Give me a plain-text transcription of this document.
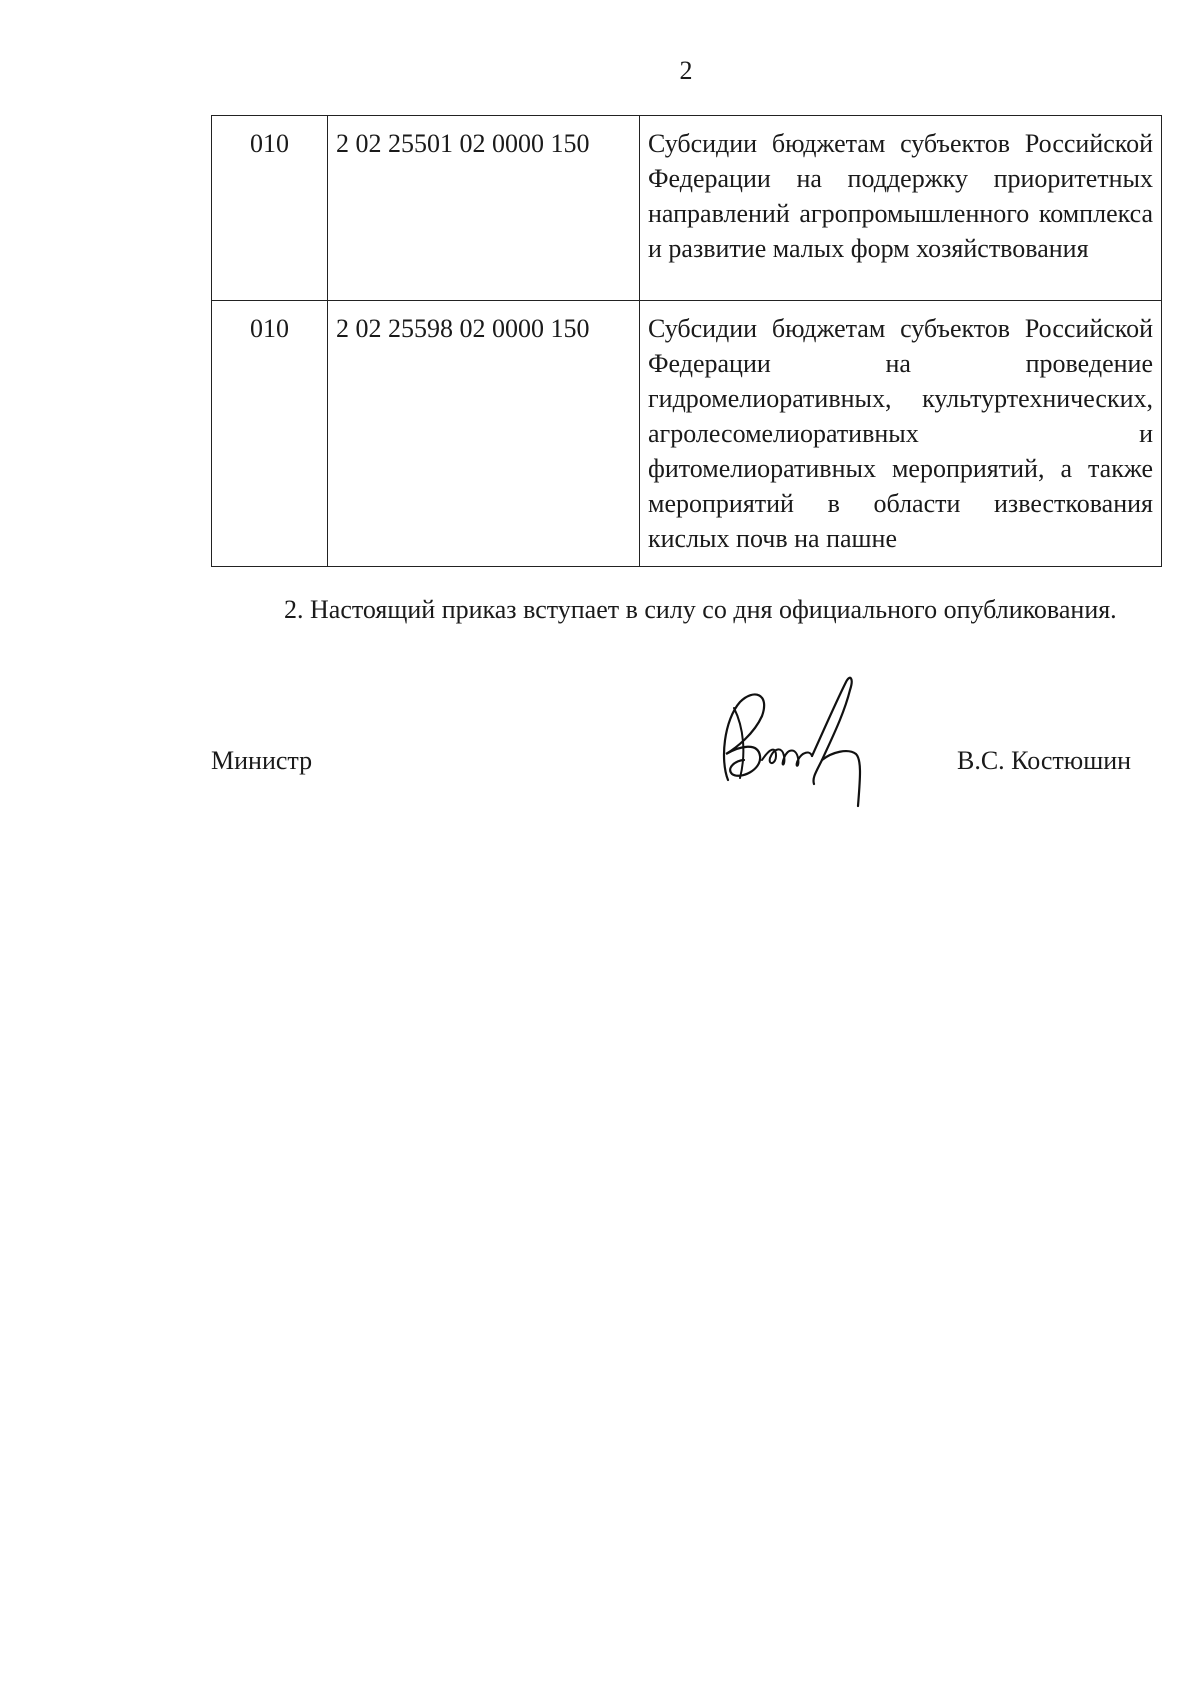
2
010	2 02 25501 02 0000 150	Субсидии бюджетам субъектов Российской Федерации на поддержку приоритетных направлений агропромышленного комплекса и развитие малых форм хозяйствования
010	2 02 25598 02 0000 150	Субсидии бюджетам субъектов Российской Федерации на проведение гидромелиоративных, культуртехнических, агролесомелиоративных и фитомелиоративных мероприятий, а также мероприятий в области известкования кислых почв на пашне

2. Настоящий приказ вступает в силу со дня официального опубликования.

Министр	В.С. Костюшин
